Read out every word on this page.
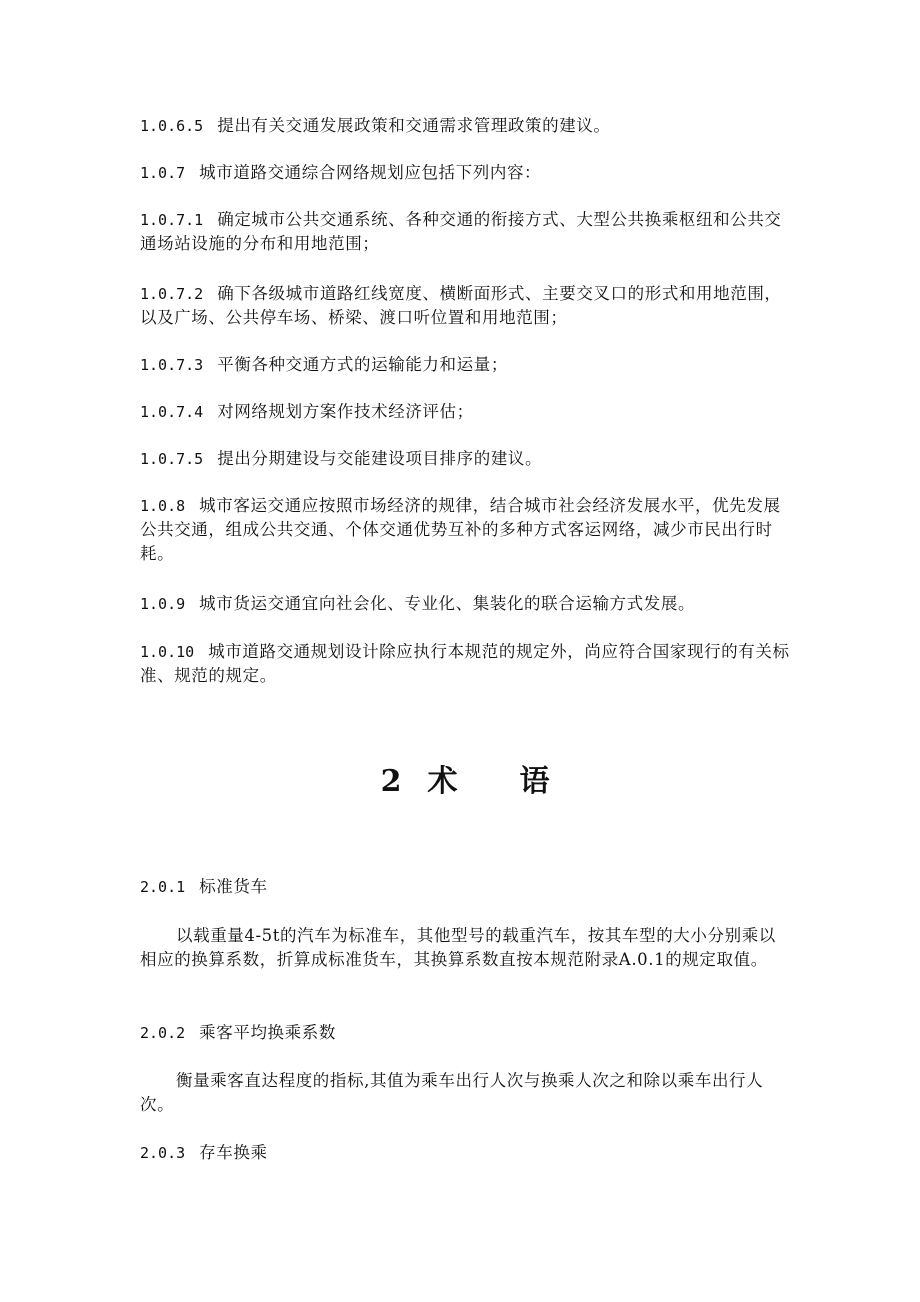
1.0.6.5 提出有关交通发展政策和交通需求管理政策的建议。

1.0.7 城市道路交通综合网络规划应包括下列内容：

1.0.7.1 确定城市公共交通系统、各种交通的衔接方式、大型公共换乘枢纽和公共交通场站设施的分布和用地范围；

1.0.7.2 确下各级城市道路红线宽度、横断面形式、主要交叉口的形式和用地范围，以及广场、公共停车场、桥梁、渡口听位置和用地范围；

1.0.7.3 平衡各种交通方式的运输能力和运量；

1.0.7.4 对网络规划方案作技术经济评估；

1.0.7.5 提出分期建设与交能建设项目排序的建议。

1.0.8 城市客运交通应按照市场经济的规律，结合城市社会经济发展水平，优先发展公共交通，组成公共交通、个体交通优势互补的多种方式客运网络，减少市民出行时耗。

1.0.9 城市货运交通宜向社会化、专业化、集装化的联合运输方式发展。

1.0.10 城市道路交通规划设计除应执行本规范的规定外，尚应符合国家现行的有关标准、规范的规定。

2 术 语

2.0.1 标准货车

以载重量4-5t的汽车为标准车，其他型号的载重汽车，按其车型的大小分别乘以相应的换算系数，折算成标准货车，其换算系数直按本规范附录A.0.1的规定取值。

2.0.2 乘客平均换乘系数

衡量乘客直达程度的指标,其值为乘车出行人次与换乘人次之和除以乘车出行人次。

2.0.3 存车换乘
